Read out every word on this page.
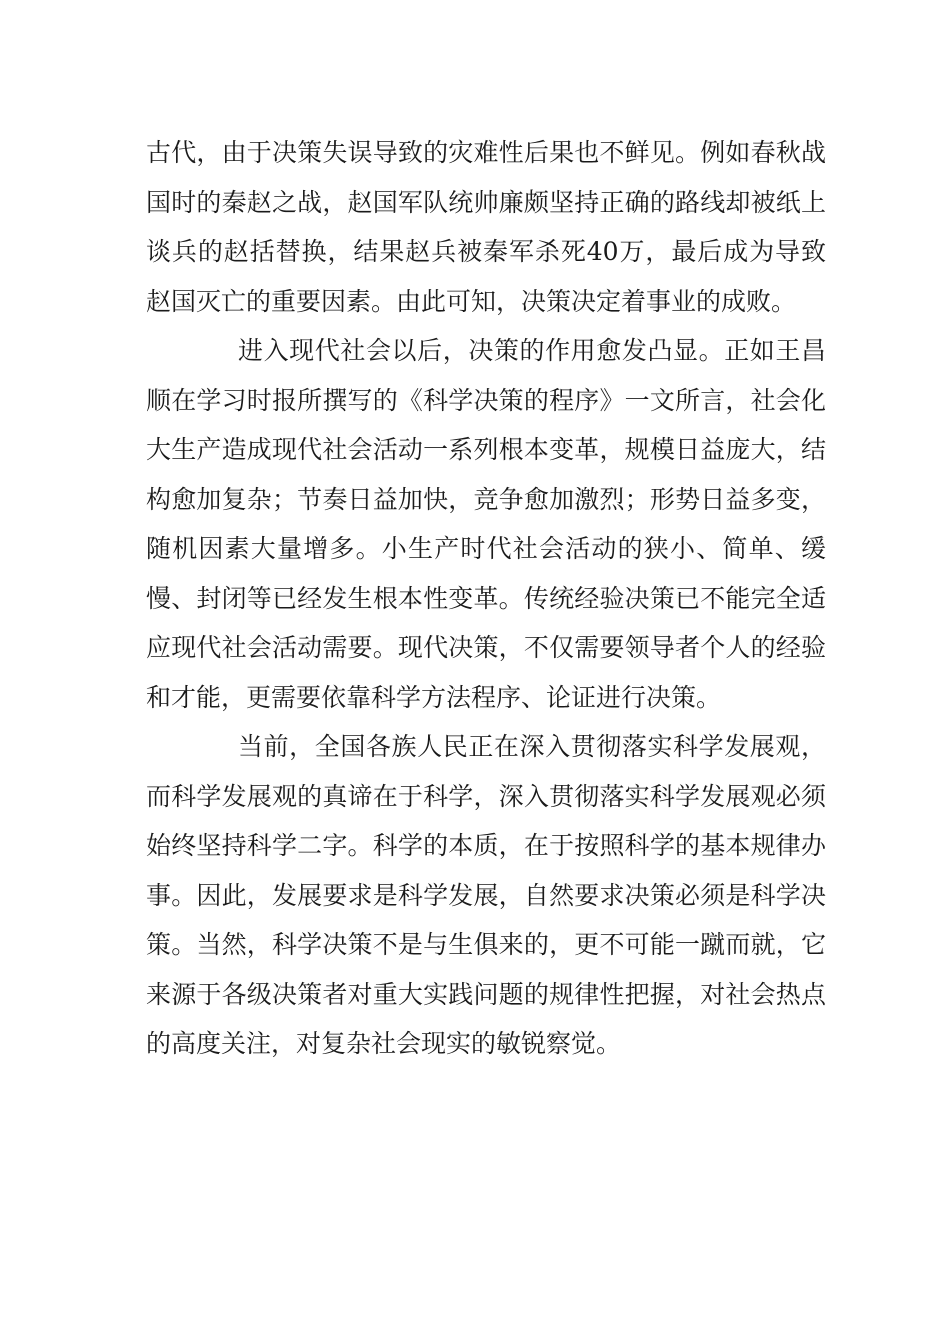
古代，由于决策失误导致的灾难性后果也不鲜见。例如春秋战国时的秦赵之战，赵国军队统帅廉颇坚持正确的路线却被纸上谈兵的赵括替换，结果赵兵被秦军杀死40万，最后成为导致赵国灭亡的重要因素。由此可知，决策决定着事业的成败。

进入现代社会以后，决策的作用愈发凸显。正如王昌顺在学习时报所撰写的《科学决策的程序》一文所言，社会化大生产造成现代社会活动一系列根本变革，规模日益庞大，结构愈加复杂；节奏日益加快，竞争愈加激烈；形势日益多变，随机因素大量增多。小生产时代社会活动的狭小、简单、缓慢、封闭等已经发生根本性变革。传统经验决策已不能完全适应现代社会活动需要。现代决策，不仅需要领导者个人的经验和才能，更需要依靠科学方法程序、论证进行决策。

当前，全国各族人民正在深入贯彻落实科学发展观，而科学发展观的真谛在于科学，深入贯彻落实科学发展观必须始终坚持科学二字。科学的本质，在于按照科学的基本规律办事。因此，发展要求是科学发展，自然要求决策必须是科学决策。当然，科学决策不是与生俱来的，更不可能一蹴而就，它来源于各级决策者对重大实践问题的规律性把握，对社会热点的高度关注，对复杂社会现实的敏锐察觉。
